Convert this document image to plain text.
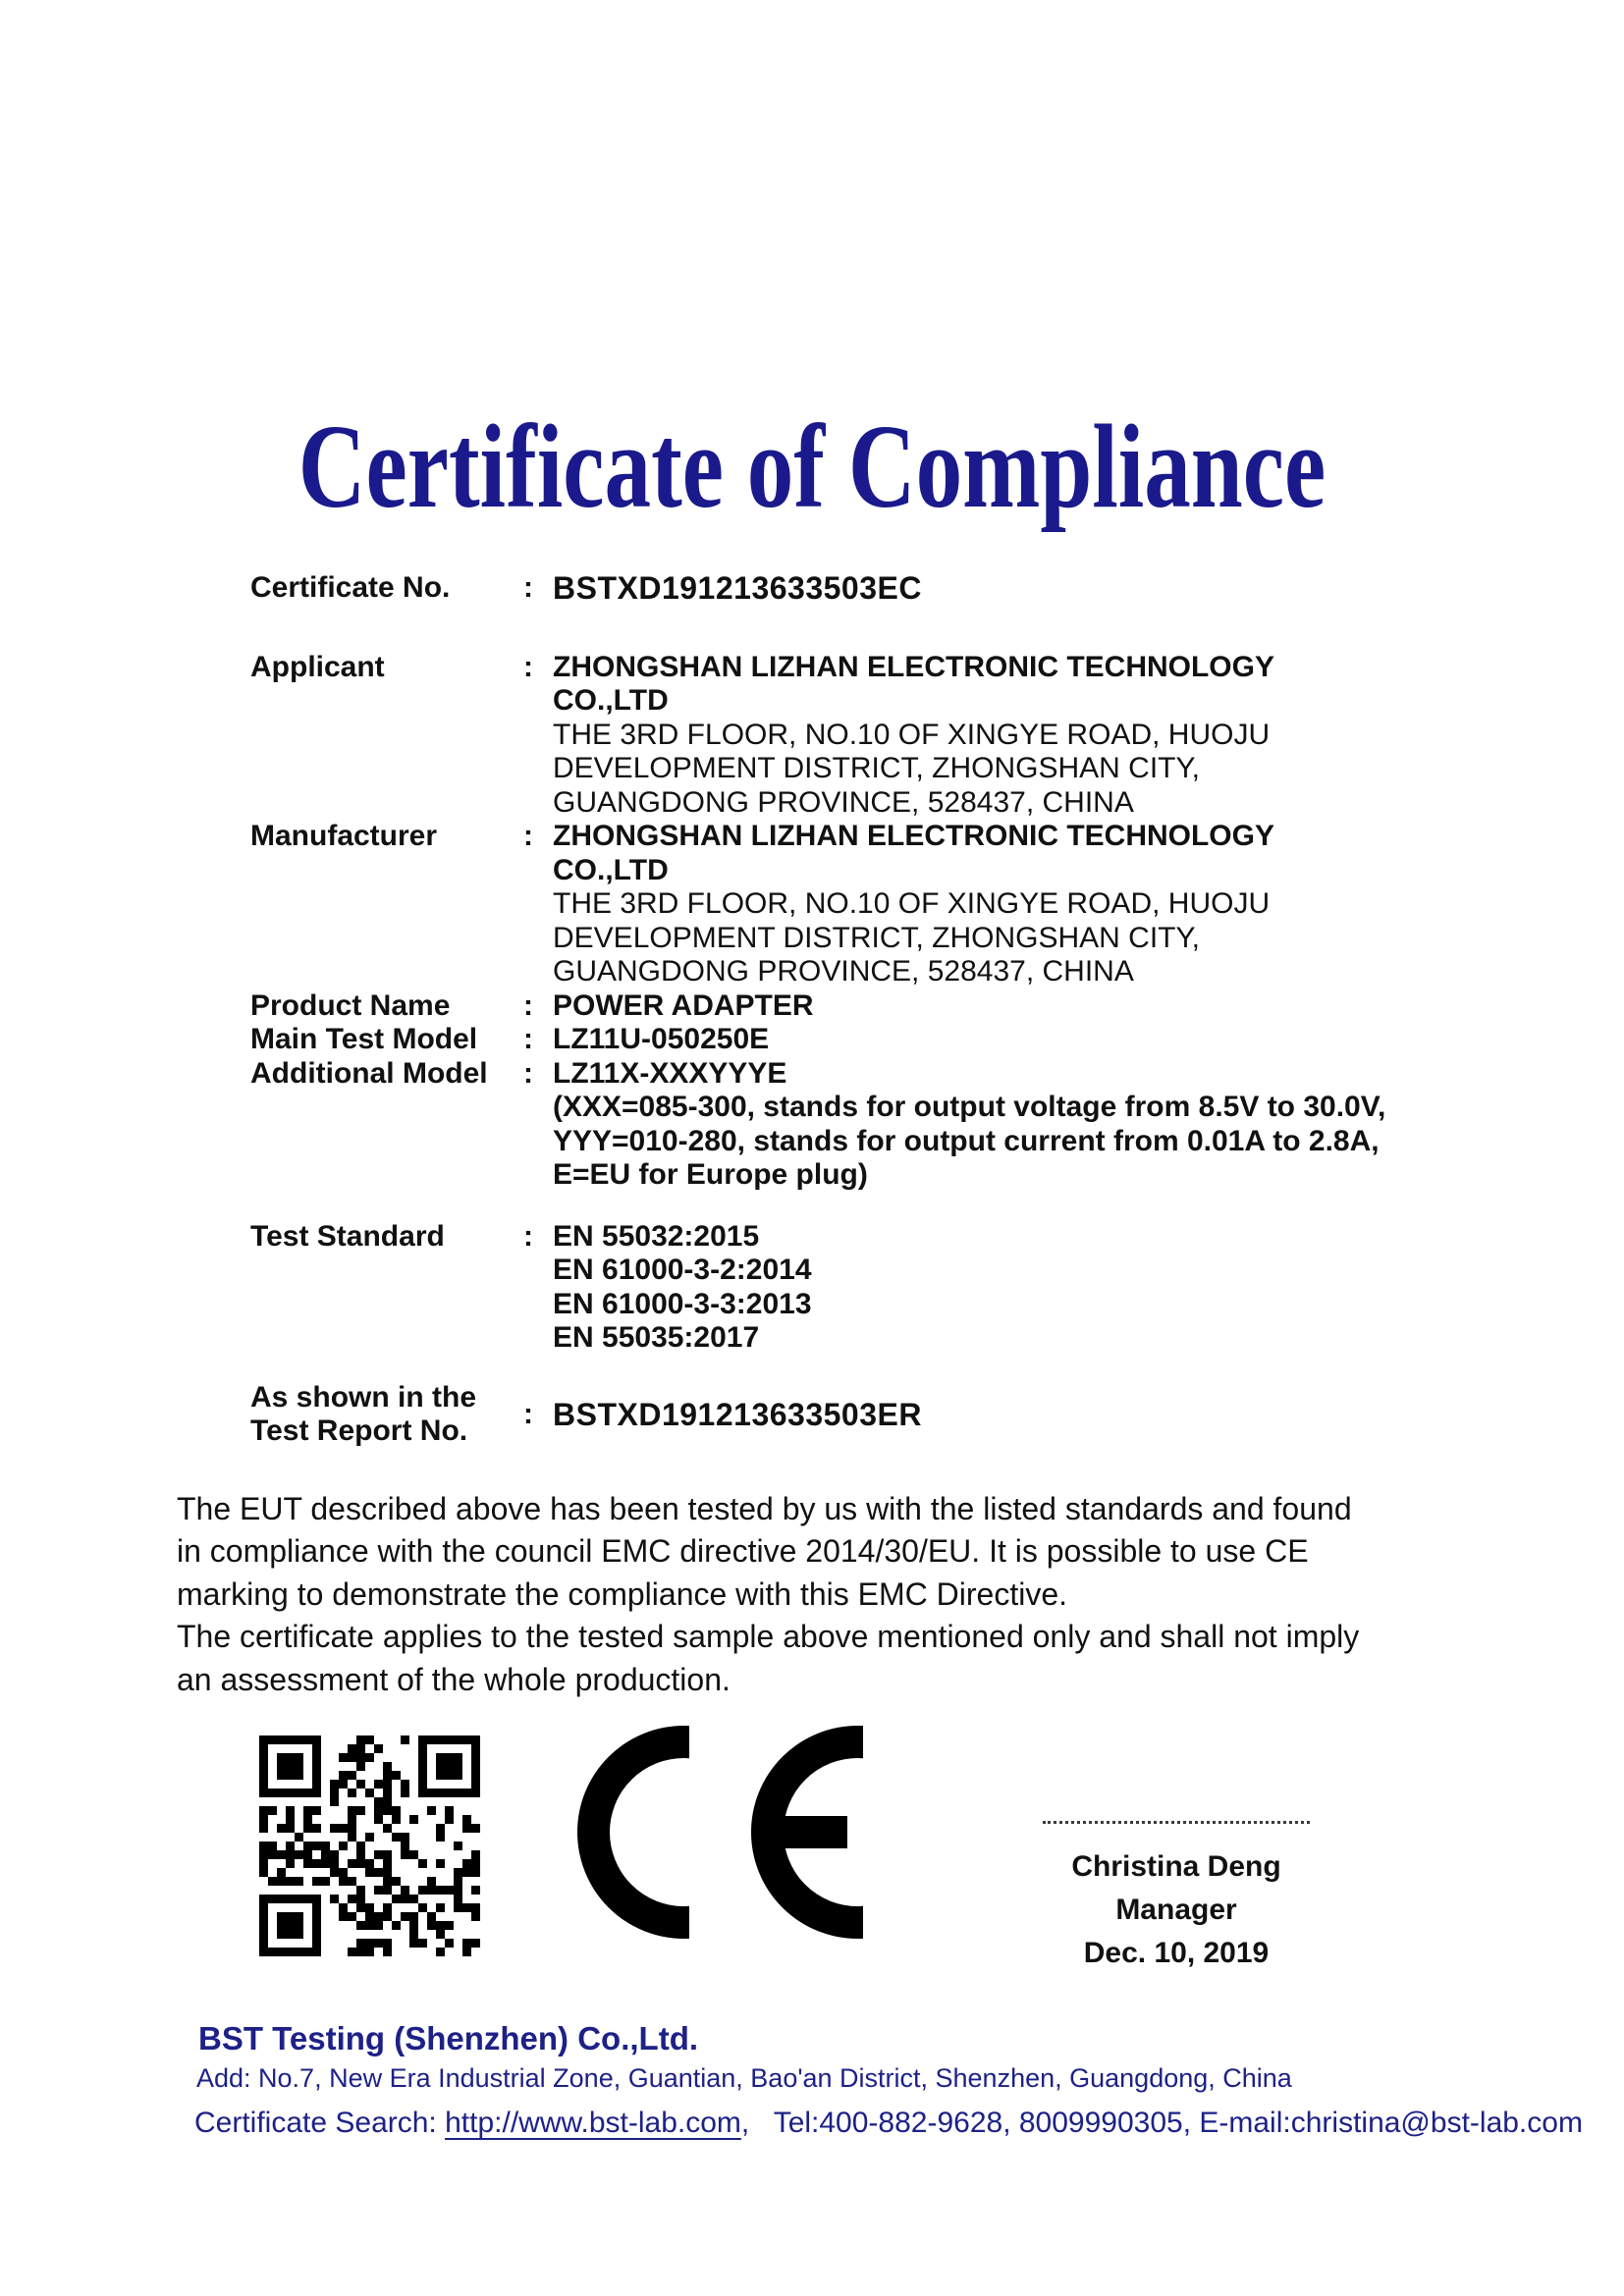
Certificate of Compliance
Certificate No.	: BSTXD191213633503EC
Applicant	: ZHONGSHAN LIZHAN ELECTRONIC TECHNOLOGY
CO.,LTD
THE 3RD FLOOR, NO.10 OF XINGYE ROAD, HUOJU
DEVELOPMENT DISTRICT, ZHONGSHAN CITY,
GUANGDONG PROVINCE, 528437, CHINA
Manufacturer	: ZHONGSHAN LIZHAN ELECTRONIC TECHNOLOGY
CO.,LTD
THE 3RD FLOOR, NO.10 OF XINGYE ROAD, HUOJU
DEVELOPMENT DISTRICT, ZHONGSHAN CITY,
GUANGDONG PROVINCE, 528437, CHINA
Product Name	: POWER ADAPTER
Main Test Model	: LZ11U-050250E
Additional Model	: LZ11X-XXXYYYE
(XXX=085-300, stands for output voltage from 8.5V to 30.0V,
YYY=010-280, stands for output current from 0.01A to 2.8A,
E=EU for Europe plug)
Test Standard	: EN 55032:2015
EN 61000-3-2:2014
EN 61000-3-3:2013
EN 55035:2017
As shown in the
Test Report No.
: BSTXD191213633503ER
The EUT described above has been tested by us with the listed standards and found
in compliance with the council EMC directive 2014/30/EU. It is possible to use CE
marking to demonstrate the compliance with this EMC Directive.
The certificate applies to the tested sample above mentioned only and shall not imply
an assessment of the whole production.
Christina Deng
Manager
Dec. 10, 2019
BST Testing (Shenzhen) Co.,Ltd.
Add: No.7, New Era Industrial Zone, Guantian, Bao'an District, Shenzhen, Guangdong, China
Certificate Search: http://www.bst-lab.com,   Tel:400-882-9628, 8009990305, E-mail:christina@bst-lab.com
